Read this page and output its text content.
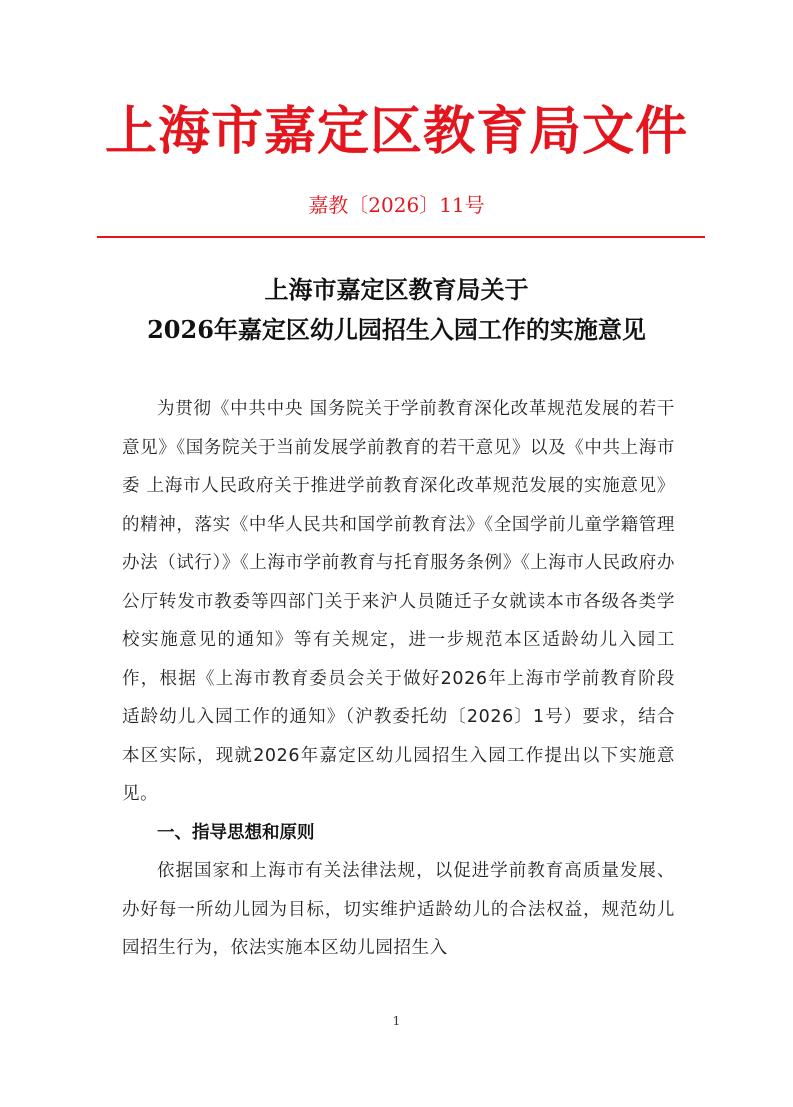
上海市嘉定区教育局文件
嘉教〔2026〕11号
上海市嘉定区教育局关于
2026年嘉定区幼儿园招生入园工作的实施意见

为贯彻《中共中央 国务院关于学前教育深化改革规范发展的若干意见》《国务院关于当前发展学前教育的若干意见》以及《中共上海市委 上海市人民政府关于推进学前教育深化改革规范发展的实施意见》的精神，落实《中华人民共和国学前教育法》《全国学前儿童学籍管理办法（试行）》《上海市学前教育与托育服务条例》《上海市人民政府办公厅转发市教委等四部门关于来沪人员随迁子女就读本市各级各类学校实施意见的通知》等有关规定，进一步规范本区适龄幼儿入园工作，根据《上海市教育委员会关于做好2026年上海市学前教育阶段适龄幼儿入园工作的通知》（沪教委托幼〔2026〕1号）要求，结合本区实际，现就2026年嘉定区幼儿园招生入园工作提出以下实施意见。

一、指导思想和原则

依据国家和上海市有关法律法规，以促进学前教育高质量发展、办好每一所幼儿园为目标，切实维护适龄幼儿的合法权益，规范幼儿园招生行为，依法实施本区幼儿园招生入

1
